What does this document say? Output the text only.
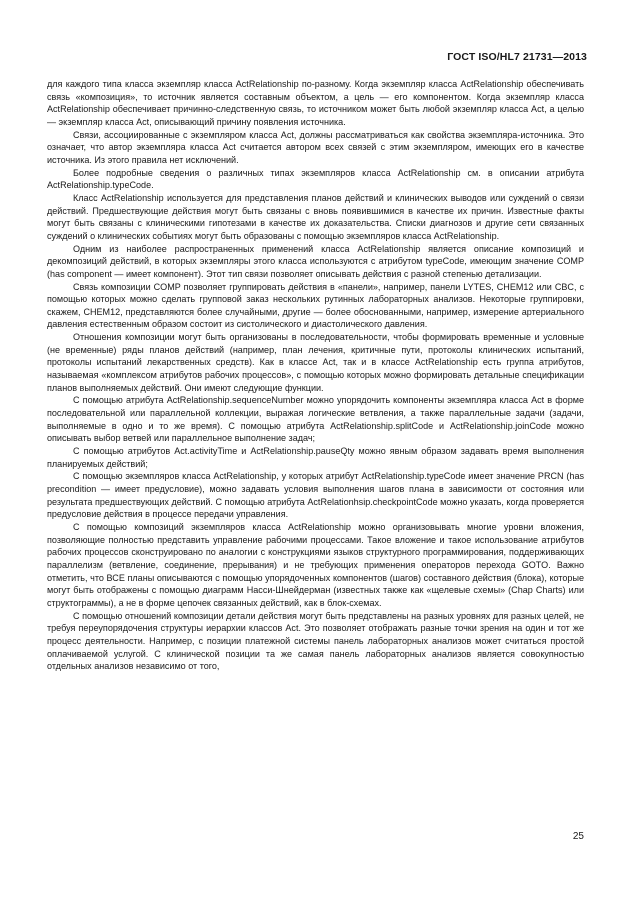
ГОСТ ISO/HL7 21731—2013

для каждого типа класса экземпляр класса ActRelationship по-разному. Когда экземпляр класса ActRelationship обеспечивать связь «композиция», то источник является составным объектом, а цель — его компонентом. Когда экземпляр класса ActRelationship обеспечивает причинно-следственную связь, то источником может быть любой экземпляр класса Act, а целью — экземпляр класса Act, описывающий причину появления источника.

Связи, ассоциированные с экземпляром класса Act, должны рассматриваться как свойства экземпляра-источника. Это означает, что автор экземпляра класса Act считается автором всех связей с этим экземпляром, имеющих его в качестве источника. Из этого правила нет исключений.

Более подробные сведения о различных типах экземпляров класса ActRelationship см. в описании атрибута ActRelationship.typeCode.

Класс ActRelationship используется для представления планов действий и клинических выводов или суждений о связи действий. Предшествующие действия могут быть связаны с вновь появившимися в качестве их причин. Известные факты могут быть связаны с клиническими гипотезами в качестве их доказательства. Списки диагнозов и другие сети связанных суждений о клинических событиях могут быть образованы с помощью экземпляров класса ActRelationship.

Одним из наиболее распространенных применений класса ActRelationship является описание композиций и декомпозиций действий, в которых экземпляры этого класса используются с атрибутом typeCode, имеющим значение COMP (has component — имеет компонент). Этот тип связи позволяет описывать действия с разной степенью детализации.

Связь композиции COMP позволяет группировать действия в «панели», например, панели LYTES, CHEM12 или CBC, с помощью которых можно сделать групповой заказ нескольких рутинных лабораторных анализов. Некоторые группировки, скажем, CHEM12, представляются более случайными, другие — более обоснованными, например, измерение артериального давления естественным образом состоит из систолического и диастолического давления.

Отношения композиции могут быть организованы в последовательности, чтобы формировать временные и условные (не временные) ряды планов действий (например, план лечения, критичные пути, протоколы клинических испытаний, протоколы испытаний лекарственных средств). Как в классе Act, так и в классе ActRelationship есть группа атрибутов, называемая «комплексом атрибутов рабочих процессов», с помощью которых можно формировать детальные спецификации планов выполняемых действий. Они имеют следующие функции.

С помощью атрибута ActRelationship.sequenceNumber можно упорядочить компоненты экземпляра класса Act в форме последовательной или параллельной коллекции, выражая логические ветвления, а также параллельные задачи (задачи, выполняемые в одно и то же время). С помощью атрибута ActRelationship.splitCode и ActRelationship.joinCode можно описывать выбор ветвей или параллельное выполнение задач;

С помощью атрибутов Act.activityTime и ActRelationship.pauseQty можно явным образом задавать время выполнения планируемых действий;

С помощью экземпляров класса ActRelationship, у которых атрибут ActRelationship.typeCode имеет значение PRCN (has precondition — имеет предусловие), можно задавать условия выполнения шагов плана в зависимости от состояния или результата предшествующих действий. С помощью атрибута ActRelationhsip.checkpointCode можно указать, когда проверяется предусловие действия в процессе передачи управления.

С помощью композиций экземпляров класса ActRelationship можно организовывать многие уровни вложения, позволяющие полностью представить управление рабочими процессами. Такое вложение и такое использование атрибутов рабочих процессов сконструировано по аналогии с конструкциями языков структурного программирования, поддерживающих параллелизм (ветвление, соединение, прерывания) и не требующих применения операторов перехода GOTO. Важно отметить, что ВСЕ планы описываются с помощью упорядоченных компонентов (шагов) составного действия (блока), которые могут быть отображены с помощью диаграмм Насси-Шнейдерман (известных также как «щелевые схемы» (Chap Charts) или структограммы), а не в форме цепочек связанных действий, как в блок-схемах.

С помощью отношений композиции детали действия могут быть представлены на разных уровнях для разных целей, не требуя переупорядочения структуры иерархии классов Act. Это позволяет отображать разные точки зрения на один и тот же процесс деятельности. Например, с позиции платежной системы панель лабораторных анализов может считаться простой оплачиваемой услугой. С клинической позиции та же самая панель лабораторных анализов является совокупностью отдельных анализов независимо от того,

25
